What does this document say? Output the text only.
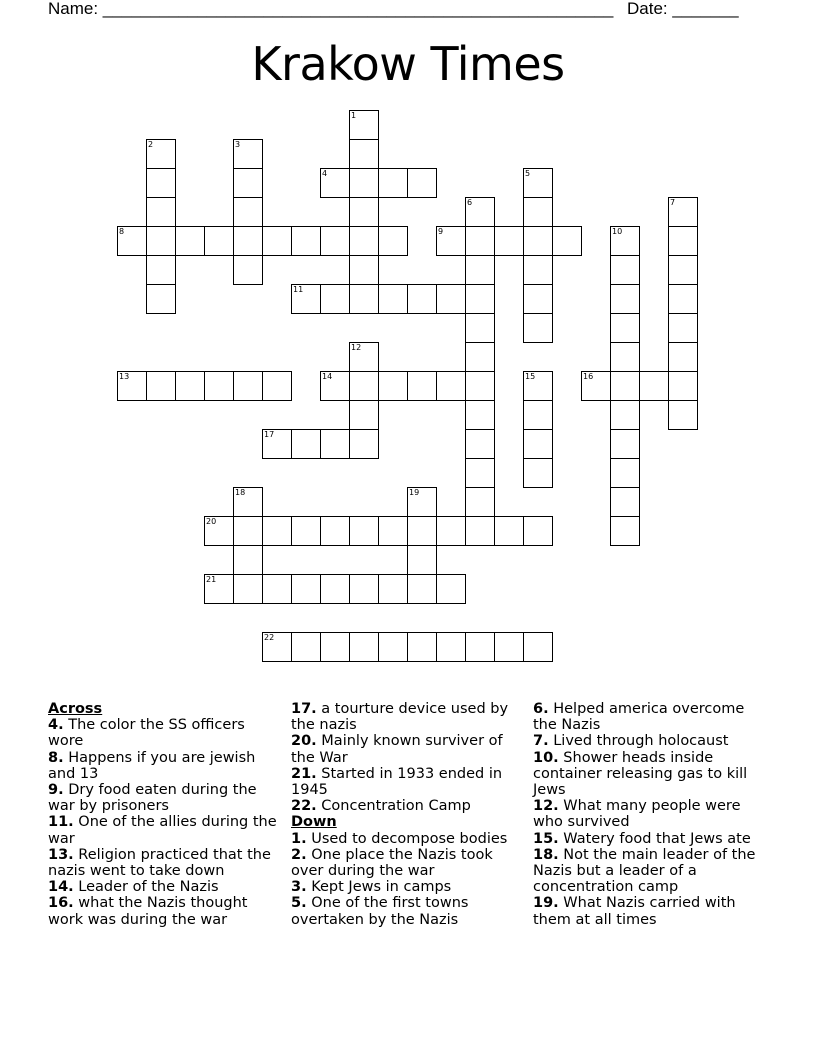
Name: ______________________________________________________ Date: _______
Krakow Times
1
2	3
4	5
6	7
8	9	10
11
12
13	14	15	16
17
18	19
20
21
22
Across
4. The color the SS officers wore
8. Happens if you are jewish and 13
9. Dry food eaten during the war by prisoners
11. One of the allies during the war
13. Religion practiced that the nazis went to take down
14. Leader of the Nazis
16. what the Nazis thought work was during the war
17. a tourture device used by the nazis
20. Mainly known surviver of the War
21. Started in 1933 ended in 1945
22. Concentration Camp
Down
1. Used to decompose bodies
2. One place the Nazis took over during the war
3. Kept Jews in camps
5. One of the first towns overtaken by the Nazis
6. Helped america overcome the Nazis
7. Lived through holocaust
10. Shower heads inside container releasing gas to kill Jews
12. What many people were who survived
15. Watery food that Jews ate
18. Not the main leader of the Nazis but a leader of a concentration camp
19. What Nazis carried with them at all times
